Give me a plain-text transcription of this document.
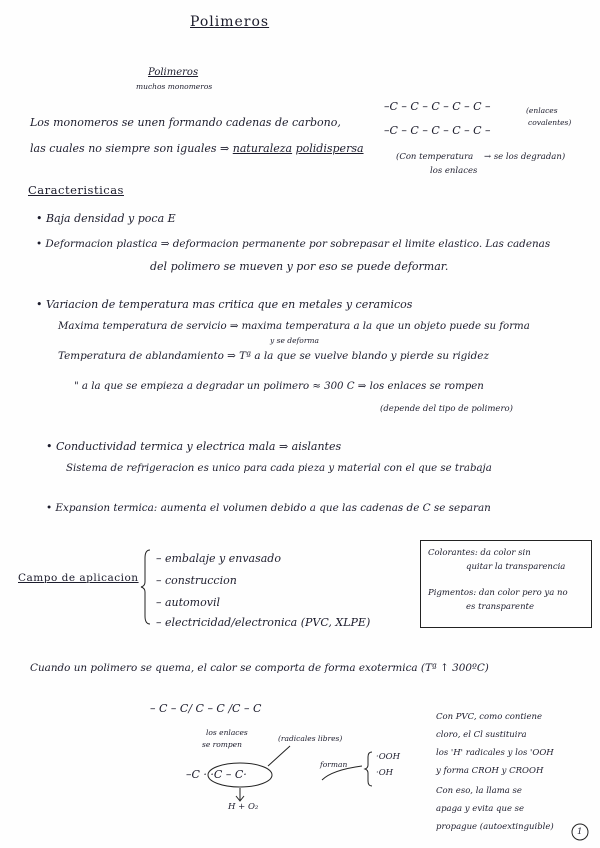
Polimeros
Polimeros
muchos monomeros
Los monomeros se unen formando cadenas de carbono,
las cuales no siempre son iguales ⇒ naturaleza polidispersa
–C – C – C – C – C –
–C – C – C – C – C –
(enlaces
covalentes)
(Con temperatura → se los degradan)
los enlaces
Caracteristicas
• Baja densidad y poca E
• Deformacion plastica ⇒ deformacion permanente por sobrepasar el limite elastico. Las cadenas
del polimero se mueven y por eso se puede deformar.
• Variacion de temperatura mas critica que en metales y ceramicos
Maxima temperatura de servicio ⇒ maxima temperatura a la que un objeto puede su forma
y se deforma
Temperatura de ablandamiento ⇒ Tª a la que se vuelve blando y pierde su rigidez
" a la que se empieza a degradar un polimero ≈ 300 C ⇒ los enlaces se rompen
(depende del tipo de polimero)
• Conductividad termica y electrica mala ⇒ aislantes
Sistema de refrigeracion es unico para cada pieza y material con el que se trabaja
• Expansion termica: aumenta el volumen debido a que las cadenas de C se separan
Campo de aplicacion
– embalaje y envasado
– construccion
– automovil
– electricidad/electronica (PVC, XLPE)
Colorantes: da color sin
quitar la transparencia
Pigmentos: dan color pero ya no
es transparente
Cuando un polimero se quema, el calor se comporta de forma exotermica (Tª ↑ 300ºC)
– C – C/ C – C /C – C
los enlaces
se rompen
(radicales libres)
–C · ·C – C·
H + O₂
forman
·OOH
·OH
Con PVC, como contiene
cloro, el Cl sustituira
los 'H' radicales y los 'OOH
y forma CROH y CROOH
Con eso, la llama se
apaga y evita que se
propague (autoextinguible)	1
